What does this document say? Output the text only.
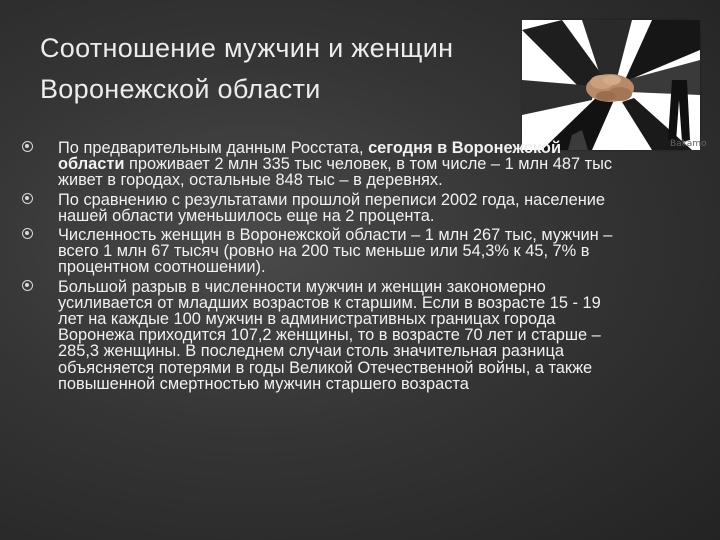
Соотношение мужчин и женщин Воронежской области
Bakamo
По предварительным данным Росстата, сегодня в Воронежской области проживает 2 млн 335 тыс человек, в том числе – 1 млн 487 тыс живет в городах, остальные 848 тыс – в деревнях.
По сравнению с результатами прошлой переписи 2002 года, население нашей области уменьшилось еще на 2 процента.
Численность женщин в Воронежской области – 1 млн 267 тыс, мужчин – всего 1 млн 67 тысяч (ровно на 200 тыс меньше или 54,3% к 45, 7% в процентном соотношении).
Большой разрыв в численности мужчин и женщин закономерно усиливается от младших возрастов к старшим. Если в возрасте 15 - 19 лет на каждые 100 мужчин в административных границах города Воронежа приходится 107,2 женщины, то в возрасте 70 лет и старше – 285,3 женщины. В последнем случаи столь значительная разница объясняется потерями в годы Великой Отечественной войны, а также повышенной смертностью мужчин старшего возраста
